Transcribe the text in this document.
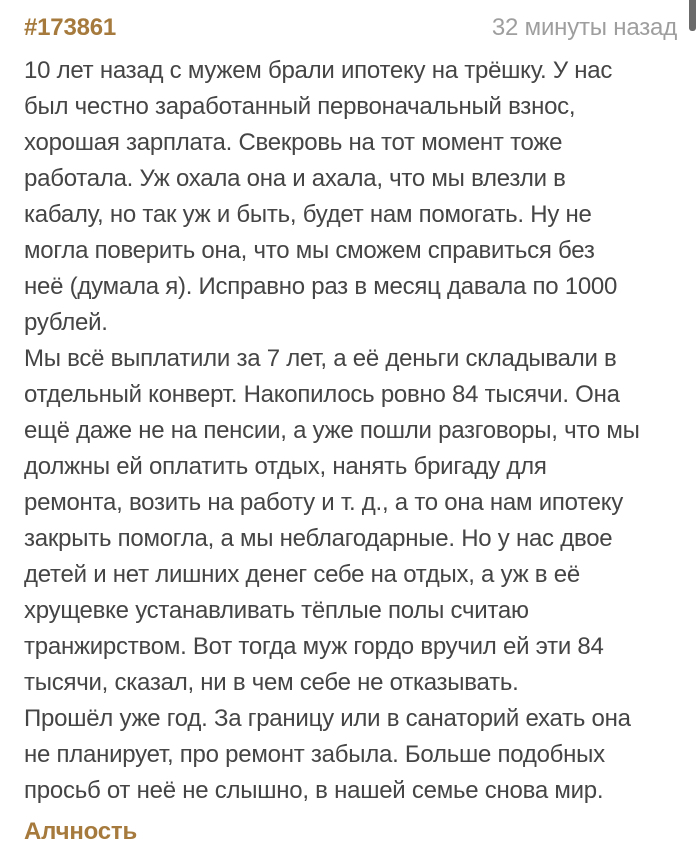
#173861	32 минуты назад
10 лет назад с мужем брали ипотеку на трёшку. У нас
был честно заработанный первоначальный взнос,
хорошая зарплата. Свекровь на тот момент тоже
работала. Уж охала она и ахала, что мы влезли в
кабалу, но так уж и быть, будет нам помогать. Ну не
могла поверить она, что мы сможем справиться без
неё (думала я). Исправно раз в месяц давала по 1000
рублей.
Мы всё выплатили за 7 лет, а её деньги складывали в
отдельный конверт. Накопилось ровно 84 тысячи. Она
ещё даже не на пенсии, а уже пошли разговоры, что мы
должны ей оплатить отдых, нанять бригаду для
ремонта, возить на работу и т. д., а то она нам ипотеку
закрыть помогла, а мы неблагодарные. Но у нас двое
детей и нет лишних денег себе на отдых, а уж в её
хрущевке устанавливать тёплые полы считаю
транжирством. Вот тогда муж гордо вручил ей эти 84
тысячи, сказал, ни в чем себе не отказывать.
Прошёл уже год. За границу или в санаторий ехать она
не планирует, про ремонт забыла. Больше подобных
просьб от неё не слышно, в нашей семье снова мир.
Алчность
